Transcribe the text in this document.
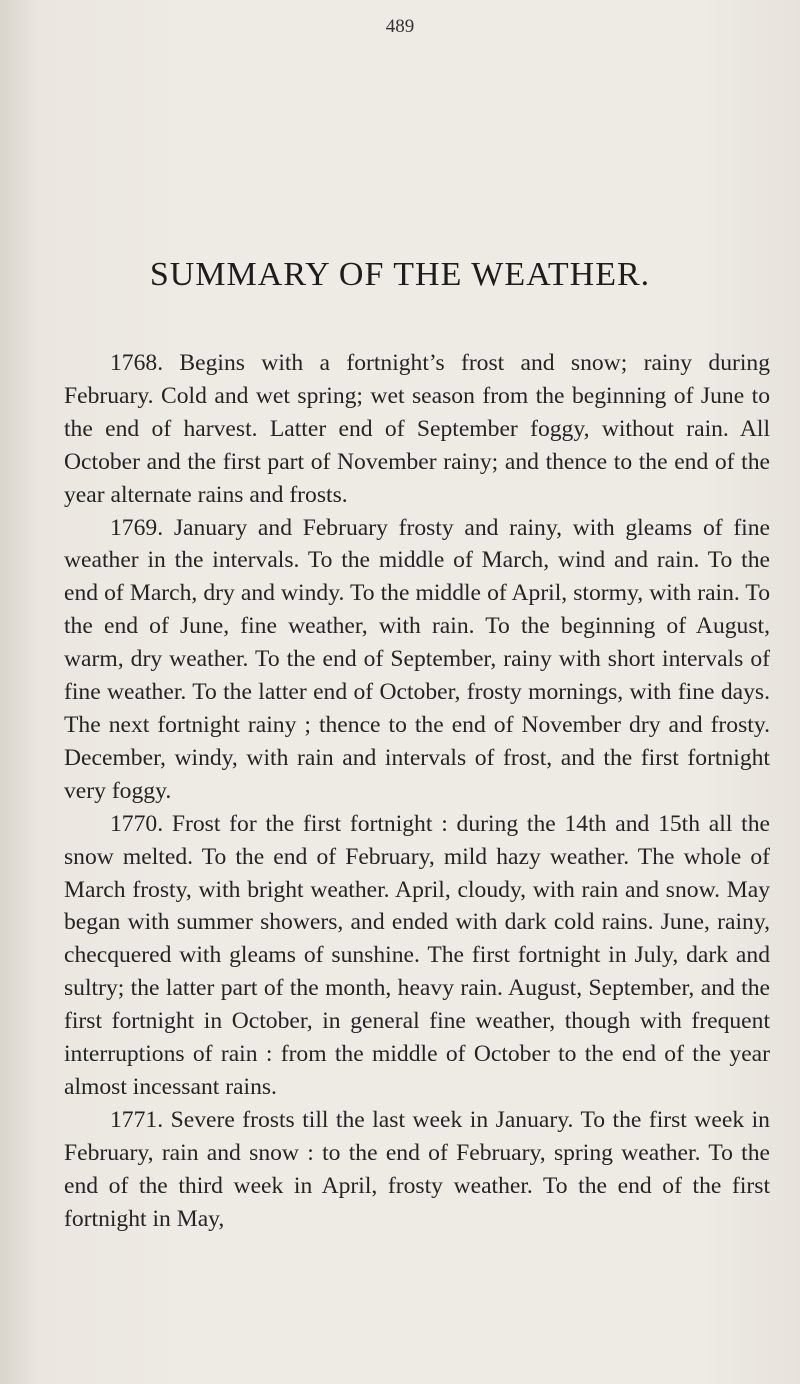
489
SUMMARY OF THE WEATHER.

1768. Begins with a fortnight’s frost and snow; rainy during February. Cold and wet spring; wet season from the beginning of June to the end of harvest. Latter end of September foggy, without rain. All October and the first part of November rainy; and thence to the end of the year alternate rains and frosts.

1769. January and February frosty and rainy, with gleams of fine weather in the intervals. To the middle of March, wind and rain. To the end of March, dry and windy. To the middle of April, stormy, with rain. To the end of June, fine weather, with rain. To the beginning of August, warm, dry weather. To the end of September, rainy with short intervals of fine weather. To the latter end of October, frosty mornings, with fine days. The next fortnight rainy ; thence to the end of November dry and frosty. December, windy, with rain and intervals of frost, and the first fortnight very foggy.

1770. Frost for the first fortnight : during the 14th and 15th all the snow melted. To the end of February, mild hazy weather. The whole of March frosty, with bright weather. April, cloudy, with rain and snow. May began with summer showers, and ended with dark cold rains. June, rainy, checquered with gleams of sunshine. The first fortnight in July, dark and sultry; the latter part of the month, heavy rain. August, September, and the first fortnight in October, in general fine weather, though with frequent interruptions of rain : from the middle of October to the end of the year almost incessant rains.

1771. Severe frosts till the last week in January. To the first week in February, rain and snow : to the end of February, spring weather. To the end of the third week in April, frosty weather. To the end of the first fortnight in May,
